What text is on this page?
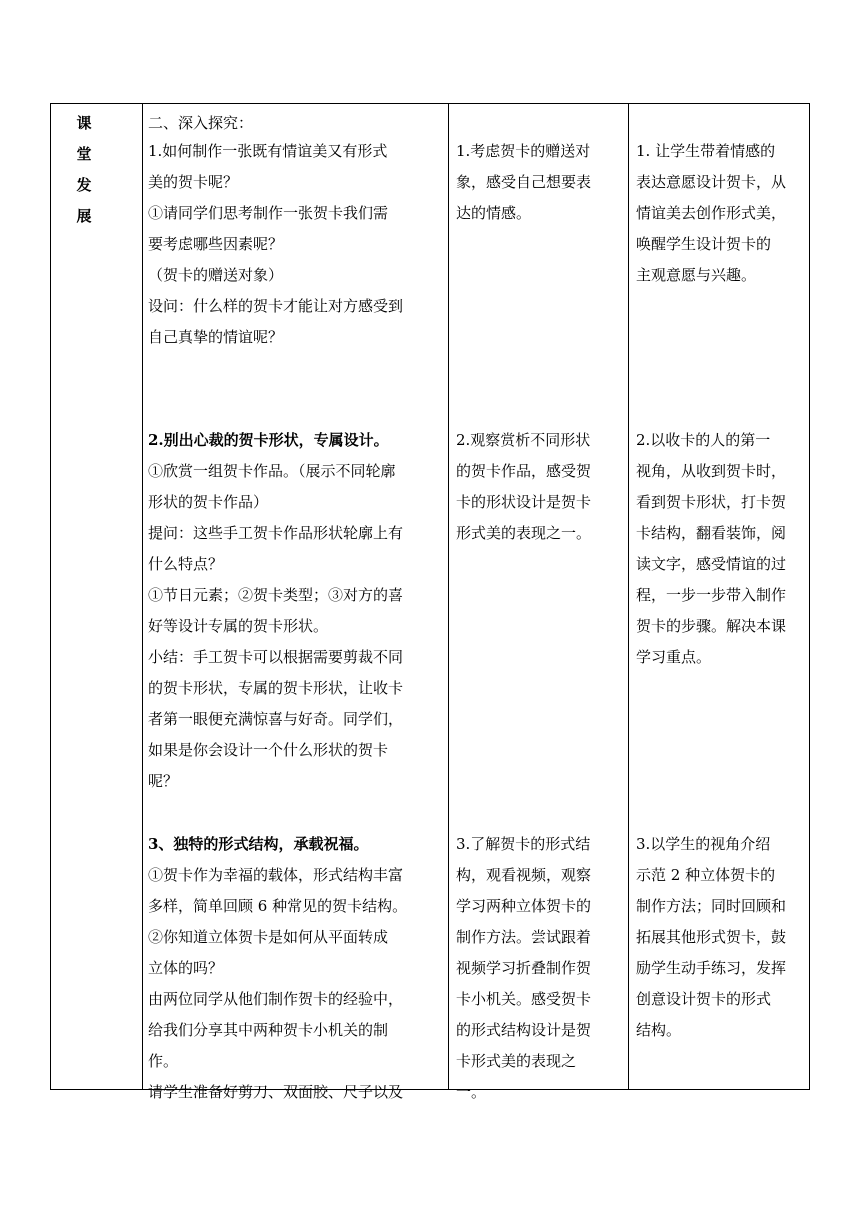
课
堂
发
展
二、深入探究：
1.如何制作一张既有情谊美又有形式
美的贺卡呢？
①请同学们思考制作一张贺卡我们需
要考虑哪些因素呢？
（贺卡的赠送对象）
设问：什么样的贺卡才能让对方感受到
自己真挚的情谊呢？
1.考虑贺卡的赠送对
象，感受自己想要表
达的情感。
1. 让学生带着情感的
表达意愿设计贺卡，从
情谊美去创作形式美，
唤醒学生设计贺卡的
主观意愿与兴趣。
2.别出心裁的贺卡形状，专属设计。
①欣赏一组贺卡作品。（展示不同轮廓
形状的贺卡作品）
提问：这些手工贺卡作品形状轮廓上有
什么特点？
①节日元素；②贺卡类型；③对方的喜
好等设计专属的贺卡形状。
小结：手工贺卡可以根据需要剪裁不同
的贺卡形状，专属的贺卡形状，让收卡
者第一眼便充满惊喜与好奇。同学们，
如果是你会设计一个什么形状的贺卡
呢？
2.观察赏析不同形状
的贺卡作品，感受贺
卡的形状设计是贺卡
形式美的表现之一。
2.以收卡的人的第一
视角，从收到贺卡时，
看到贺卡形状，打卡贺
卡结构，翻看装饰，阅
读文字，感受情谊的过
程，一步一步带入制作
贺卡的步骤。解决本课
学习重点。
3、独特的形式结构，承载祝福。
①贺卡作为幸福的载体，形式结构丰富
多样，简单回顾 6 种常见的贺卡结构。
②你知道立体贺卡是如何从平面转成
立体的吗？
由两位同学从他们制作贺卡的经验中，
给我们分享其中两种贺卡小机关的制
作。
请学生准备好剪刀、双面胶、尺子以及
3.了解贺卡的形式结
构，观看视频，观察
学习两种立体贺卡的
制作方法。尝试跟着
视频学习折叠制作贺
卡小机关。感受贺卡
的形式结构设计是贺
卡形式美的表现之
一。
3.以学生的视角介绍
示范 2 种立体贺卡的
制作方法；同时回顾和
拓展其他形式贺卡，鼓
励学生动手练习，发挥
创意设计贺卡的形式
结构。
